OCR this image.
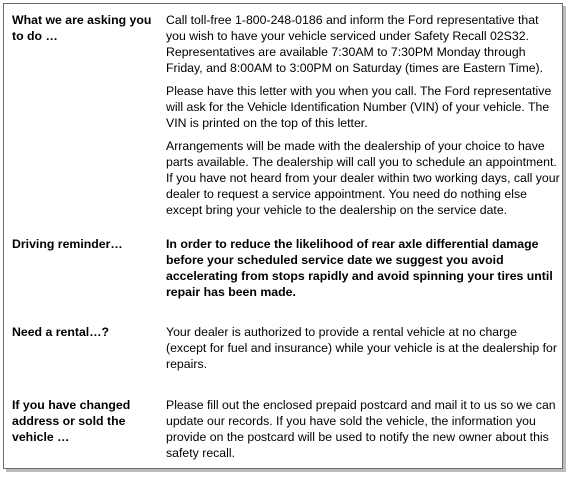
What we are asking you to do …

Call toll-free 1-800-248-0186 and inform the Ford representative that you wish to have your vehicle serviced under Safety Recall 02S32. Representatives are available 7:30AM to 7:30PM Monday through Friday, and 8:00AM to 3:00PM on Saturday (times are Eastern Time).

Please have this letter with you when you call. The Ford representative will ask for the Vehicle Identification Number (VIN) of your vehicle. The VIN is printed on the top of this letter.

Arrangements will be made with the dealership of your choice to have parts available. The dealership will call you to schedule an appointment. If you have not heard from your dealer within two working days, call your dealer to request a service appointment. You need do nothing else except bring your vehicle to the dealership on the service date.

Driving reminder…	In order to reduce the likelihood of rear axle differential damage before your scheduled service date we suggest you avoid accelerating from stops rapidly and avoid spinning your tires until repair has been made.

Need a rental…?	Your dealer is authorized to provide a rental vehicle at no charge (except for fuel and insurance) while your vehicle is at the dealership for repairs.

If you have changed address or sold the vehicle …

Please fill out the enclosed prepaid postcard and mail it to us so we can update our records. If you have sold the vehicle, the information you provide on the postcard will be used to notify the new owner about this safety recall.
